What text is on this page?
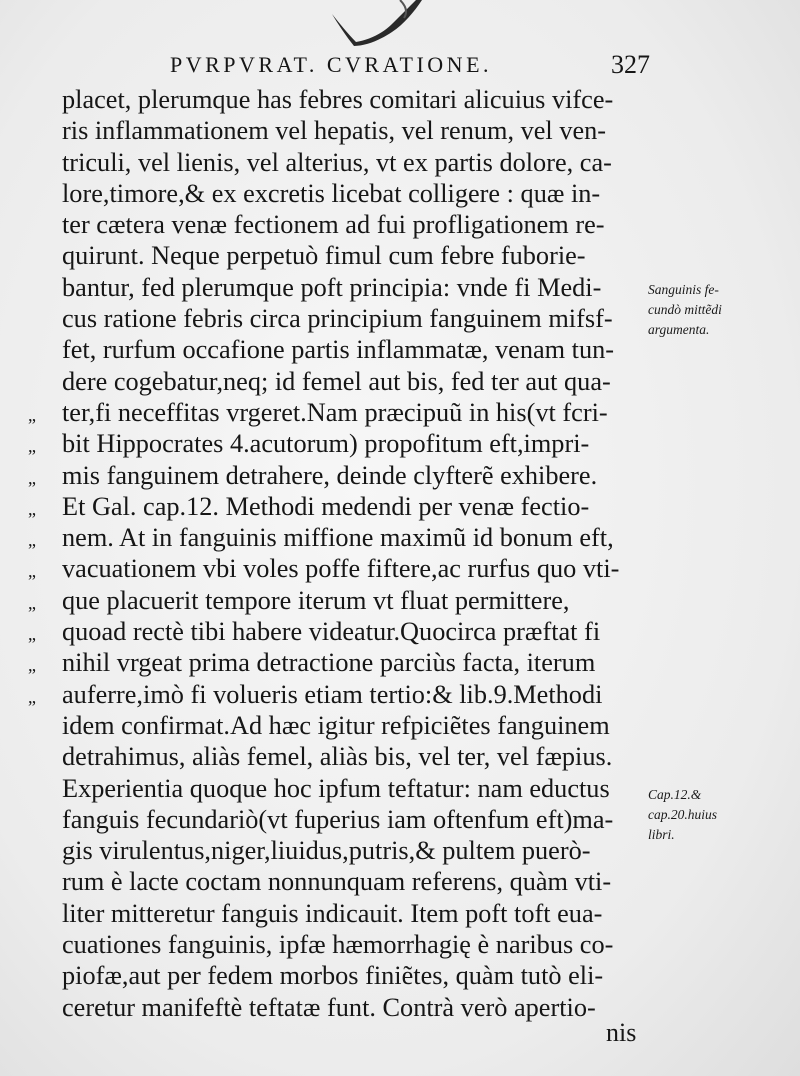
PVRPVRAT. CVRATIONE.	327
placet, plerumque has febres comitari alicuius vifce-
ris inflammationem vel hepatis, vel renum, vel ven-
triculi, vel lienis, vel alterius, vt ex partis dolore, ca-
lore,timore,& ex excretis licebat colligere : quæ in-
ter cætera venæ fectionem ad fui profligationem re-
quirunt. Neque perpetuò fimul cum febre fuborie-
bantur, fed plerumque poft principia: vnde fi Medi-
cus ratione febris circa principium fanguinem mifsf-
fet, rurfum occafione partis inflammatæ, venam tun-
dere cogebatur,neq; id femel aut bis, fed ter aut qua-
„ ter,fi neceffitas vrgeret.Nam præcipuũ in his(vt fcri-
„ bit Hippocrates 4.acutorum) propofitum eft,impri-
„ mis fanguinem detrahere, deinde clyfterẽ exhibere.
„ Et Gal. cap.12. Methodi medendi per venæ fectio-
„ nem. At in fanguinis miffione maximũ id bonum eft,
„ vacuationem vbi voles poffe fiftere,ac rurfus quo vti-
„ que placuerit tempore iterum vt fluat permittere,
„ quoad rectè tibi habere videatur.Quocirca præftat fi
„ nihil vrgeat prima detractione parciùs facta, iterum
„ auferre,imò fi volueris etiam tertio:& lib.9.Methodi
idem confirmat.Ad hæc igitur refpiciẽtes fanguinem
detrahimus, aliàs femel, aliàs bis, vel ter, vel fæpius.
Experientia quoque hoc ipfum teftatur: nam eductus
fanguis fecundariò(vt fuperius iam oftenfum eft)ma-
gis virulentus,niger,liuidus,putris,& pultem puerò-
rum è lacte coctam nonnunquam referens, quàm vti-
liter mitteretur fanguis indicauit. Item poft toft eua-
cuationes fanguinis, ipfæ hæmorrhagię è naribus co-
piofæ,aut per fedem morbos finiẽtes, quàm tutò eli-
ceretur manifeftè teftatæ funt. Contrà verò apertio-
Sanguinis fe-
cundò mittẽdi
argumenta.
Cap.12.&
cap.20.huius
libri.
nis
